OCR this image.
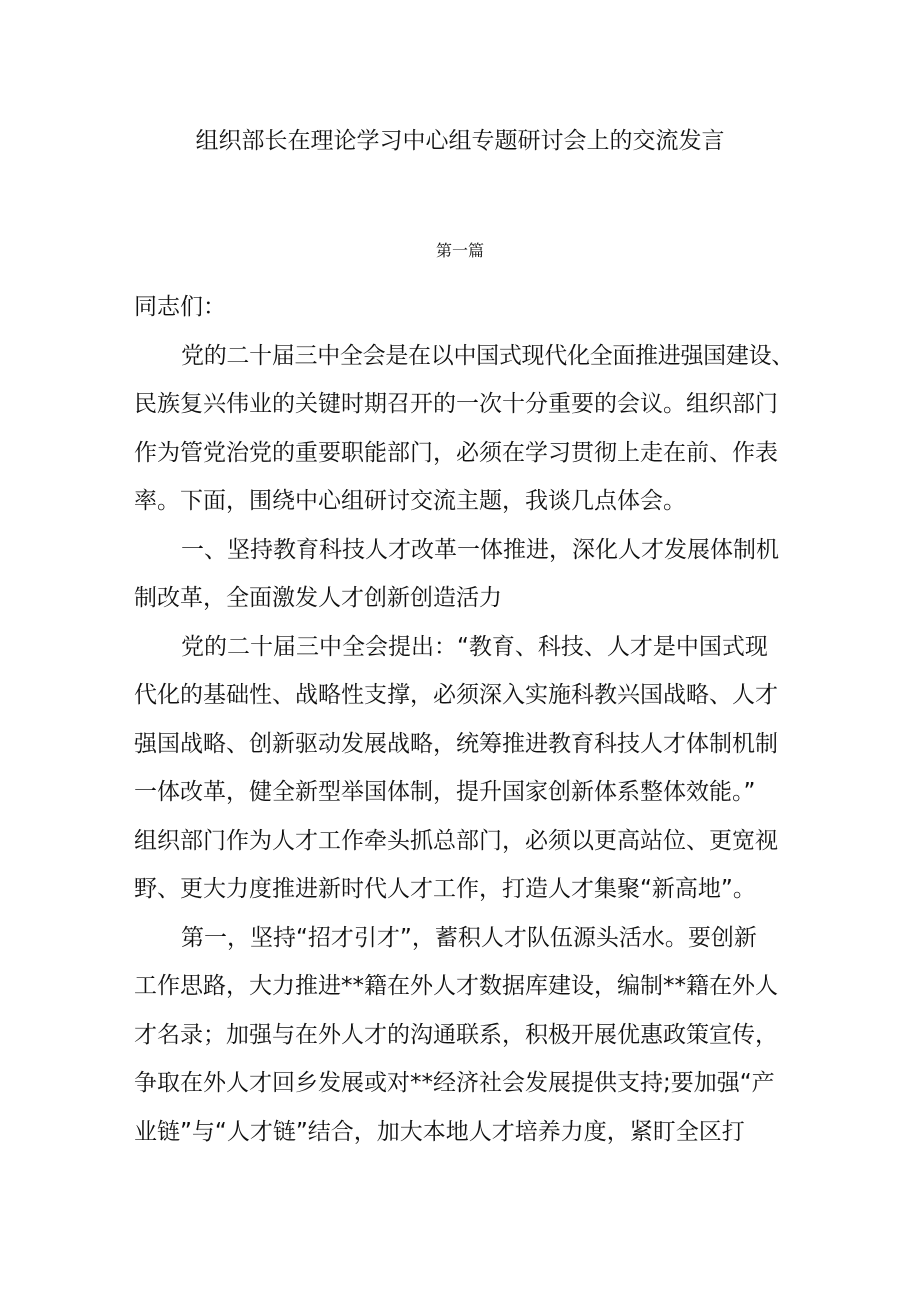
组织部长在理论学习中心组专题研讨会上的交流发言
第一篇
同志们：
党的二十届三中全会是在以中国式现代化全面推进强国建设、
民族复兴伟业的关键时期召开的一次十分重要的会议。组织部门
作为管党治党的重要职能部门，必须在学习贯彻上走在前、作表
率。下面，围绕中心组研讨交流主题，我谈几点体会。
一、坚持教育科技人才改革一体推进，深化人才发展体制机
制改革，全面激发人才创新创造活力
党的二十届三中全会提出：“教育、科技、人才是中国式现
代化的基础性、战略性支撑，必须深入实施科教兴国战略、人才
强国战略、创新驱动发展战略，统筹推进教育科技人才体制机制
一体改革，健全新型举国体制，提升国家创新体系整体效能。”
组织部门作为人才工作牵头抓总部门，必须以更高站位、更宽视
野、更大力度推进新时代人才工作，打造人才集聚“新高地”。
第一，坚持“招才引才”，蓄积人才队伍源头活水。要创新
工作思路，大力推进**籍在外人才数据库建设，编制**籍在外人
才名录；加强与在外人才的沟通联系，积极开展优惠政策宣传，
争取在外人才回乡发展或对**经济社会发展提供支持;要加强“产
业链”与“人才链”结合，加大本地人才培养力度，紧盯全区打
